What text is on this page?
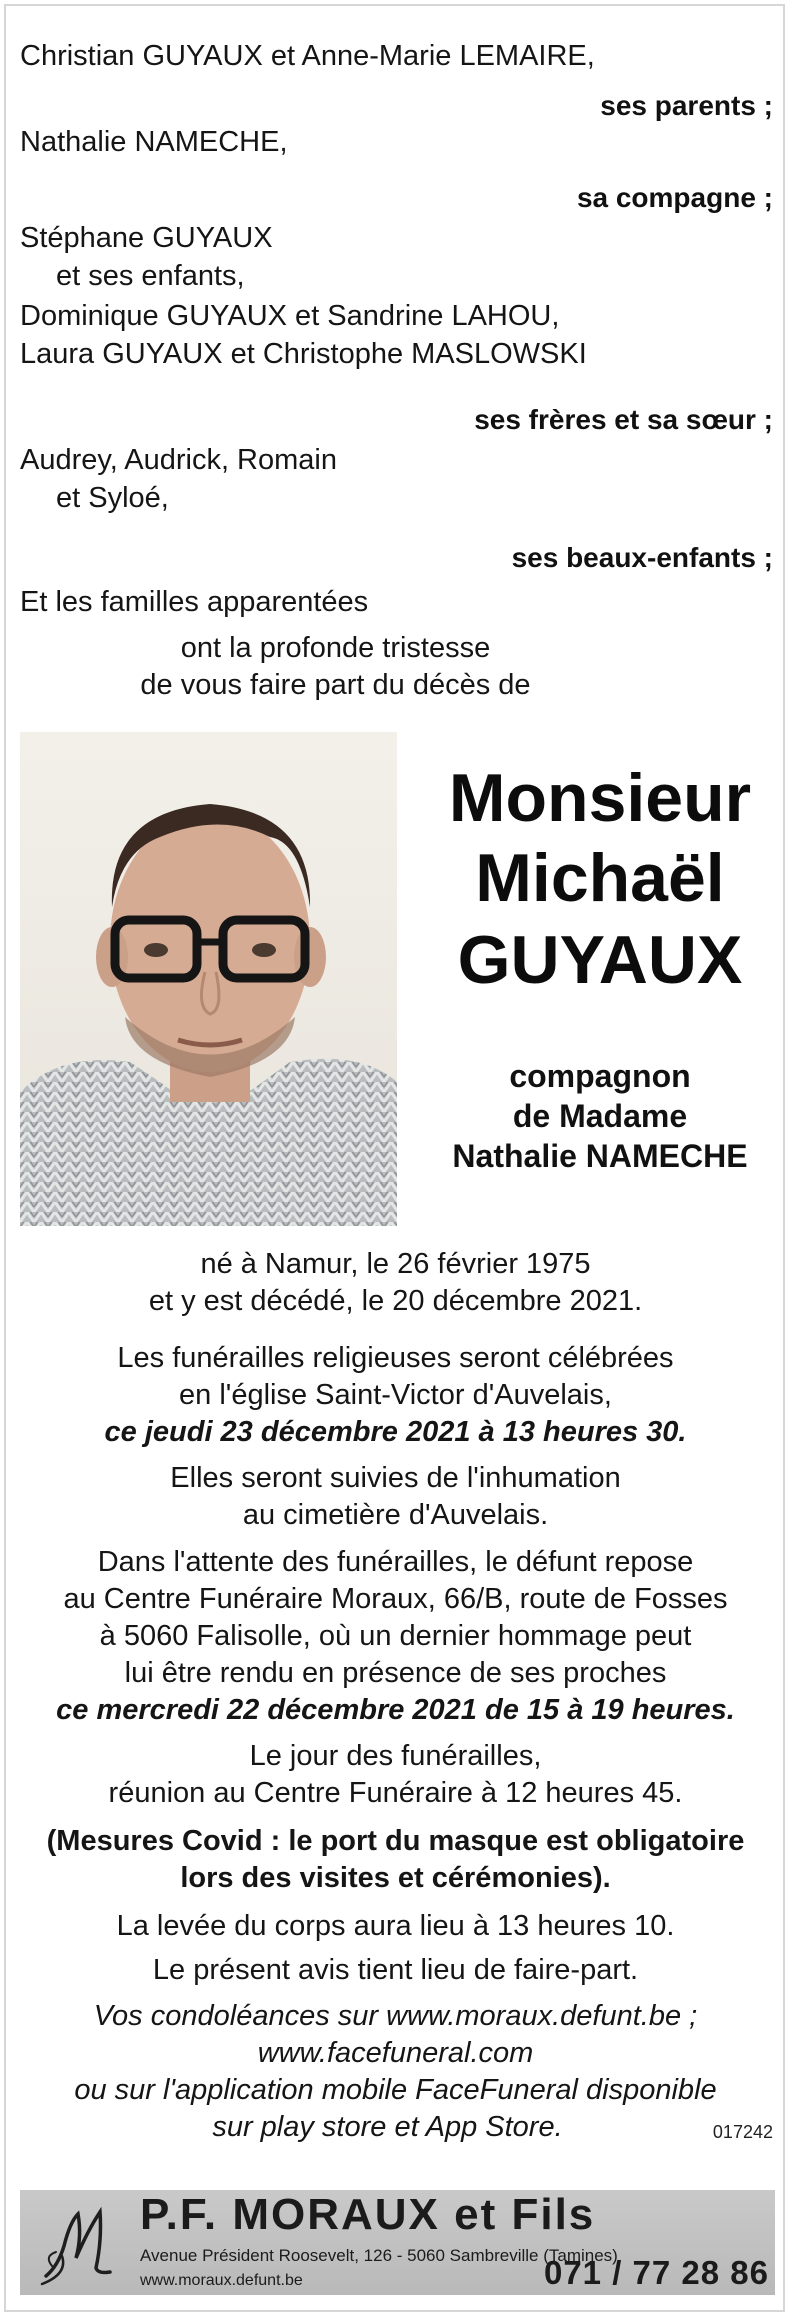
Christian GUYAUX et Anne-Marie LEMAIRE,
ses parents ;
Nathalie NAMECHE,
sa compagne ;
Stéphane GUYAUX
et ses enfants,
Dominique GUYAUX et Sandrine LAHOU,
Laura GUYAUX et Christophe MASLOWSKI
ses frères et sa sœur ;
Audrey, Audrick, Romain
et Syloé,
ses beaux-enfants ;
Et les familles apparentées
ont la profonde tristesse
de vous faire part du décès de
Monsieur
Michaël
GUYAUX
compagnon
de Madame
Nathalie NAMECHE
né à Namur, le 26 février 1975
et y est décédé, le 20 décembre 2021.
Les funérailles religieuses seront célébrées
en l'église Saint-Victor d'Auvelais,
ce jeudi 23 décembre 2021 à 13 heures 30.
Elles seront suivies de l'inhumation
au cimetière d'Auvelais.
Dans l'attente des funérailles, le défunt repose
au Centre Funéraire Moraux, 66/B, route de Fosses
à 5060 Falisolle, où un dernier hommage peut
lui être rendu en présence de ses proches
ce mercredi 22 décembre 2021 de 15 à 19 heures.
Le jour des funérailles,
réunion au Centre Funéraire à 12 heures 45.
(Mesures Covid : le port du masque est obligatoire
lors des visites et cérémonies).
La levée du corps aura lieu à 13 heures 10.
Le présent avis tient lieu de faire-part.
Vos condoléances sur www.moraux.defunt.be ;
www.facefuneral.com
ou sur l'application mobile FaceFuneral disponible
sur play store et App Store.	017242
P.F. MORAUX et Fils
Avenue Président Roosevelt, 126 - 5060 Sambreville (Tamines)
www.moraux.defunt.be	071 / 77 28 86
